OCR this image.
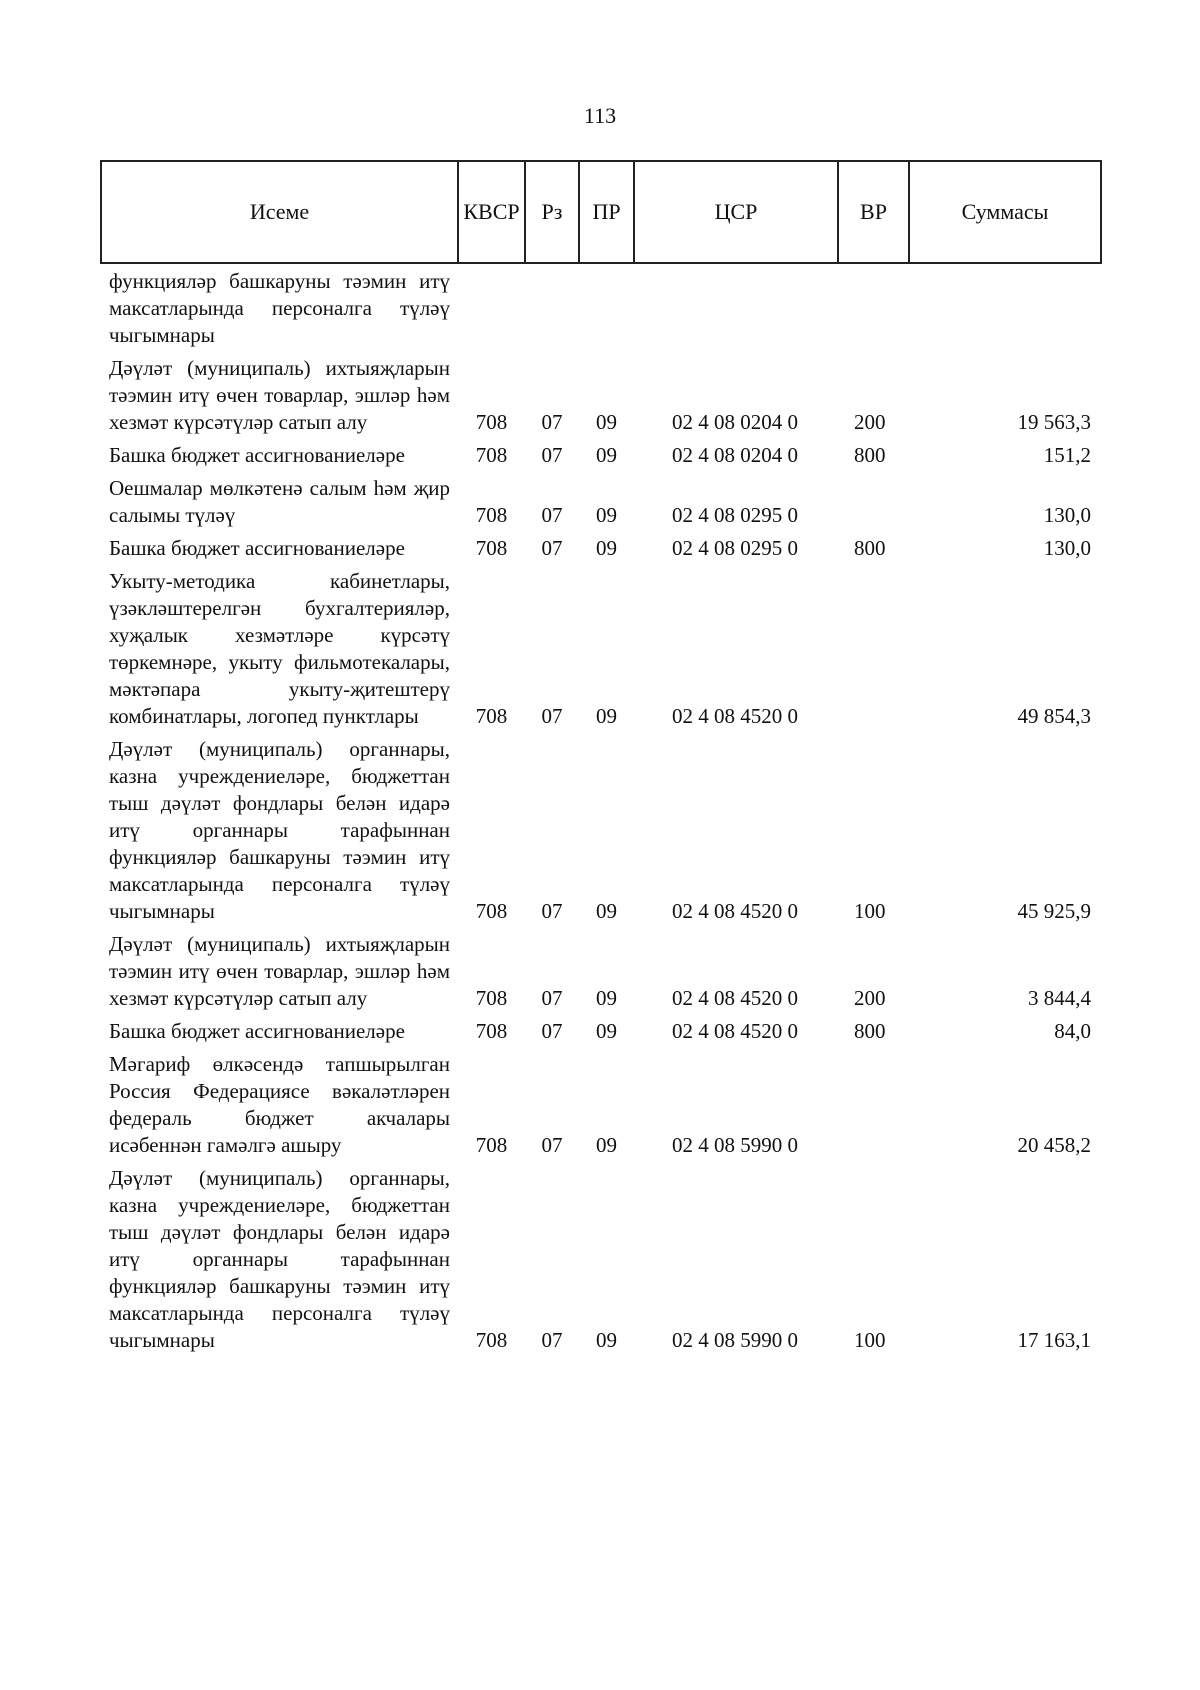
113
Исеме	КВСР	Рз	ПР	ЦСР	ВР	Суммасы
функцияләр башкаруны тәэмин итү максатларында персоналга түләү чыгымнары						
Дәүләт (муниципаль) ихтыяҗларын тәэмин итү өчен товарлар, эшләр һәм хезмәт күрсәтүләр сатып алу	708	07	09	02 4 08 0204 0	200	19 563,3
Башка бюджет ассигнованиеләре	708	07	09	02 4 08 0204 0	800	151,2
Оешмалар мөлкәтенә салым һәм җир салымы түләү	708	07	09	02 4 08 0295 0		130,0
Башка бюджет ассигнованиеләре	708	07	09	02 4 08 0295 0	800	130,0
Укыту-методика кабинетлары, үзәкләштерелгән бухгалтерияләр, хуҗалык хезмәтләре күрсәтү төркемнәре, укыту фильмотекалары, мәктәпара укыту-җитештерү комбинатлары, логопед пунктлары	708	07	09	02 4 08 4520 0		49 854,3
Дәүләт (муниципаль) органнары, казна учреждениеләре, бюджеттан тыш дәүләт фондлары белән идарә итү органнары тарафыннан функцияләр башкаруны тәэмин итү максатларында персоналга түләү чыгымнары	708	07	09	02 4 08 4520 0	100	45 925,9
Дәүләт (муниципаль) ихтыяҗларын тәэмин итү өчен товарлар, эшләр һәм хезмәт күрсәтүләр сатып алу	708	07	09	02 4 08 4520 0	200	3 844,4
Башка бюджет ассигнованиеләре	708	07	09	02 4 08 4520 0	800	84,0
Мәгариф өлкәсендә тапшырылган Россия Федерациясе вәкаләтләрен федераль бюджет акчалары исәбеннән гамәлгә ашыру	708	07	09	02 4 08 5990 0		20 458,2
Дәүләт (муниципаль) органнары, казна учреждениеләре, бюджеттан тыш дәүләт фондлары белән идарә итү органнары тарафыннан функцияләр башкаруны тәэмин итү максатларында персоналга түләү чыгымнары	708	07	09	02 4 08 5990 0	100	17 163,1
